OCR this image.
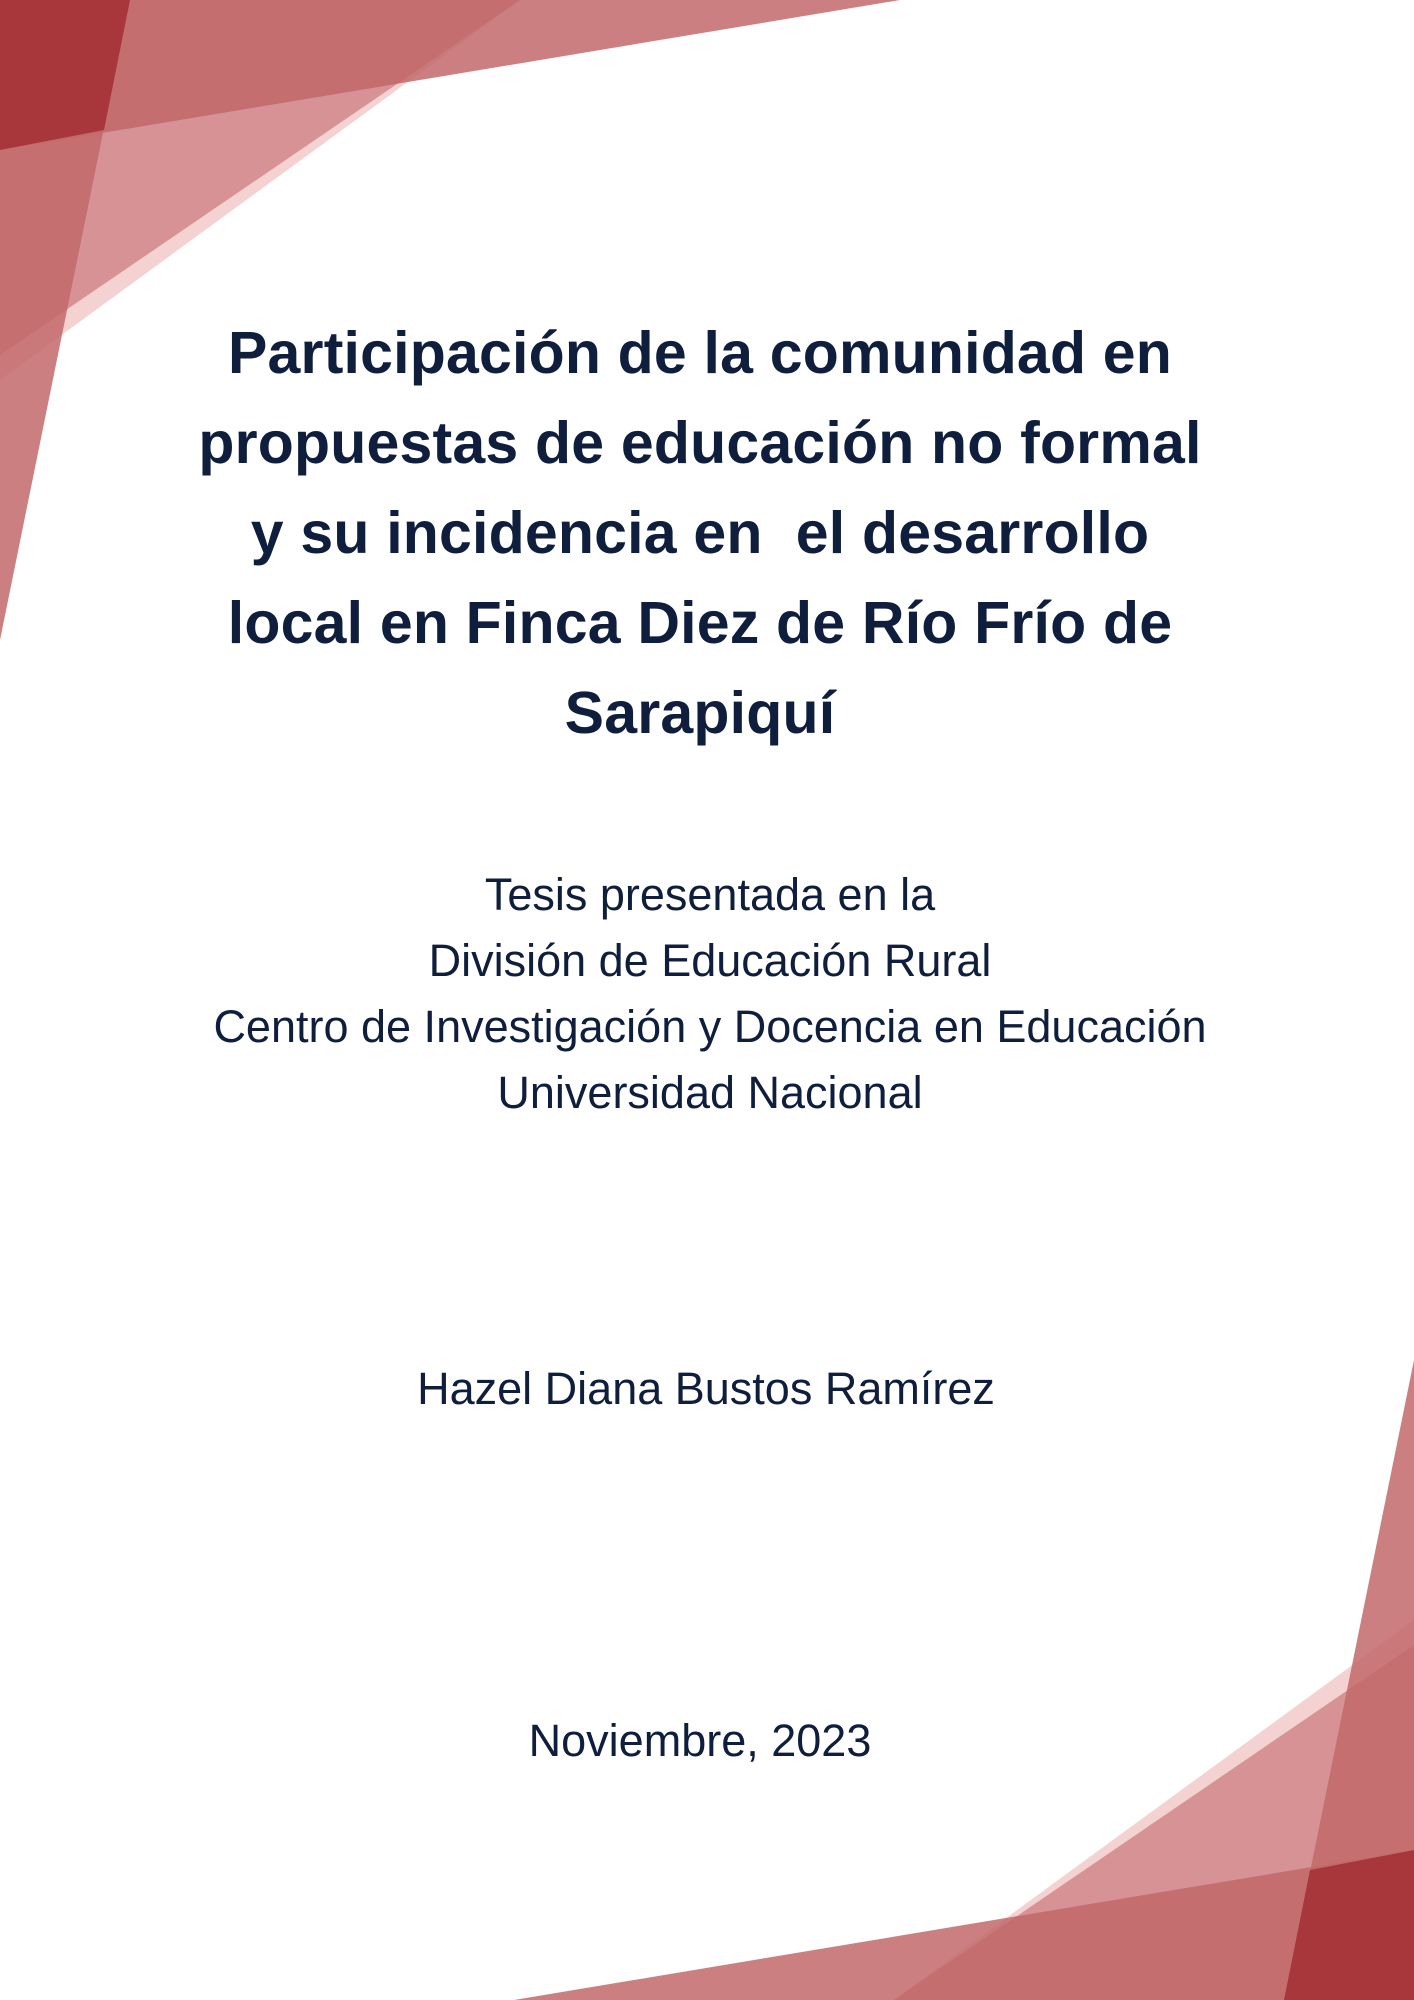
Participación de la comunidad en
propuestas de educación no formal
y su incidencia en  el desarrollo
local en Finca Diez de Río Frío de
Sarapiquí
Tesis presentada en la
División de Educación Rural
Centro de Investigación y Docencia en Educación
Universidad Nacional
Hazel Diana Bustos Ramírez
Noviembre, 2023
